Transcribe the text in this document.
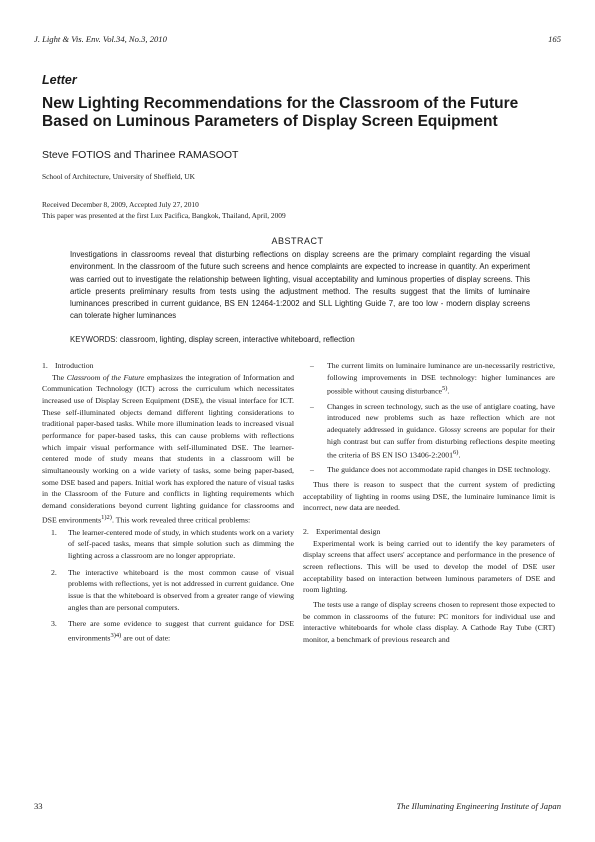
J. Light & Vis. Env. Vol.34, No.3, 2010	165
Letter
New Lighting Recommendations for the Classroom of the Future Based on Luminous Parameters of Display Screen Equipment
Steve FOTIOS and Tharinee RAMASOOT
School of Architecture, University of Sheffield, UK
Received December 8, 2009, Accepted July 27, 2010
This paper was presented at the first Lux Pacifica, Bangkok, Thailand, April, 2009
ABSTRACT
Investigations in classrooms reveal that disturbing reflections on display screens are the primary complaint regarding the visual environment. In the classroom of the future such screens and hence complaints are expected to increase in quantity. An experiment was carried out to investigate the relationship between lighting, visual acceptability and luminous properties of display screens. This article presents preliminary results from tests using the adjustment method. The results suggest that the limits of luminaire luminances prescribed in current guidance, BS EN 12464-1:2002 and SLL Lighting Guide 7, are too low - modern display screens can tolerate higher luminances
KEYWORDS: classroom, lighting, display screen, interactive whiteboard, reflection

1. Introduction

The Classroom of the Future emphasizes the integration of Information and Communication Technology (ICT) across the curriculum which necessitates increased use of Display Screen Equipment (DSE), the visual interface for ICT. These self-illuminated objects demand different lighting considerations to traditional paper-based tasks. While more illumination leads to increased visual performance for paper-based tasks, this can cause problems with reflections which impair visual performance with self-illuminated DSE. The learner-centered mode of study means that students in a classroom will be simultaneously working on a wide variety of tasks, some being paper-based, some DSE based and papers. Initial work has explored the nature of visual tasks in the Classroom of the Future and conflicts in lighting requirements which demand considerations beyond current lighting guidance for classrooms and DSE environments$^{1)2)}$. This work revealed three critical problems:

1. The learner-centered mode of study, in which students work on a variety of self-paced tasks, means that simple solution such as dimming the lighting across a classroom are no longer appropriate.
2. The interactive whiteboard is the most common cause of visual problems with reflections, yet is not addressed in current guidance. One issue is that the whiteboard is observed from a greater range of viewing angles than are personal computers.
3. There are some evidence to suggest that current guidance for DSE environments$^{3)4)}$ are out of date:
– The current limits on luminaire luminance are un-necessarily restrictive, following improvements in DSE technology: higher luminances are possible without causing disturbance$^{5)}$.
– Changes in screen technology, such as the use of antiglare coating, have introduced new problems such as haze reflection which are not adequately addressed in guidance. Glossy screens are popular for their high contrast but can suffer from disturbing reflections despite meeting the criteria of BS EN ISO 13406-2:2001$^{6)}$.
– The guidance does not accommodate rapid changes in DSE technology.

Thus there is reason to suspect that the current system of predicting acceptability of lighting in rooms using DSE, the luminaire luminance limit is incorrect, new data are needed.

2. Experimental design

Experimental work is being carried out to identify the key parameters of display screens that affect users' acceptance and performance in the presence of screen reflections. This will be used to develop the model of DSE user acceptability based on interaction between luminous parameters of DSE and room lighting.

The tests use a range of display screens chosen to represent those expected to be common in classrooms of the future: PC monitors for individual use and interactive whiteboards for whole class display. A Cathode Ray Tube (CRT) monitor, a benchmark of previous research and

33	The Illuminating Engineering Institute of Japan
